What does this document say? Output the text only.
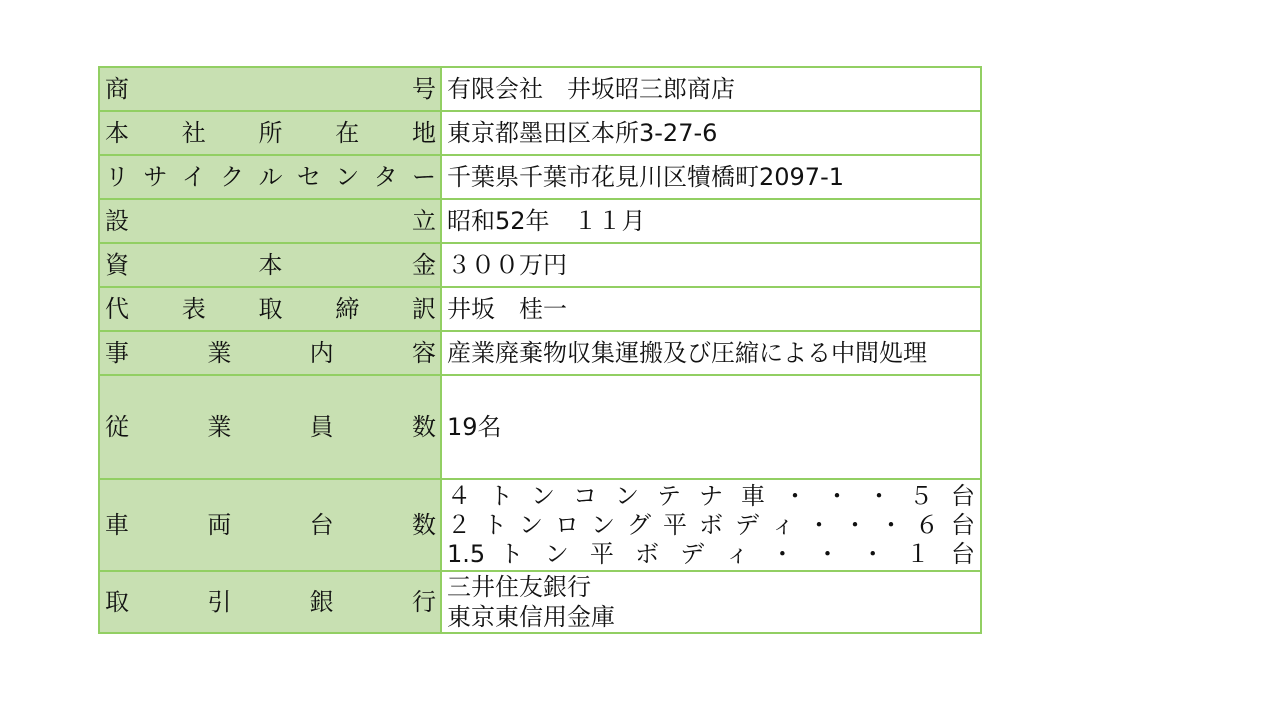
商 号	有限会社　井坂昭三郎商店

本 社 所 在 地	東京都墨田区本所3-27-6

リ サ イ ク ル セ ン タ ー	千葉県千葉市花見川区犢橋町2097-1

設 立	昭和52年　１１月

資 本 金	３００万円

代 表 取 締 訳	井坂　桂一

事 業 内 容	産業廃棄物収集運搬及び圧縮による中間処理

従 業 員 数	19名

車 両 台 数	４ ト ン コ ン テ ナ 車 ・ ・ ・ ５ 台
２ ト ン ロ ン グ 平 ボ デ ィ ・ ・ ・ ６ 台
1.5 ト ン 平 ボ デ ィ ・ ・ ・ １ 台

取 引 銀 行	三井住友銀行
東京東信用金庫
